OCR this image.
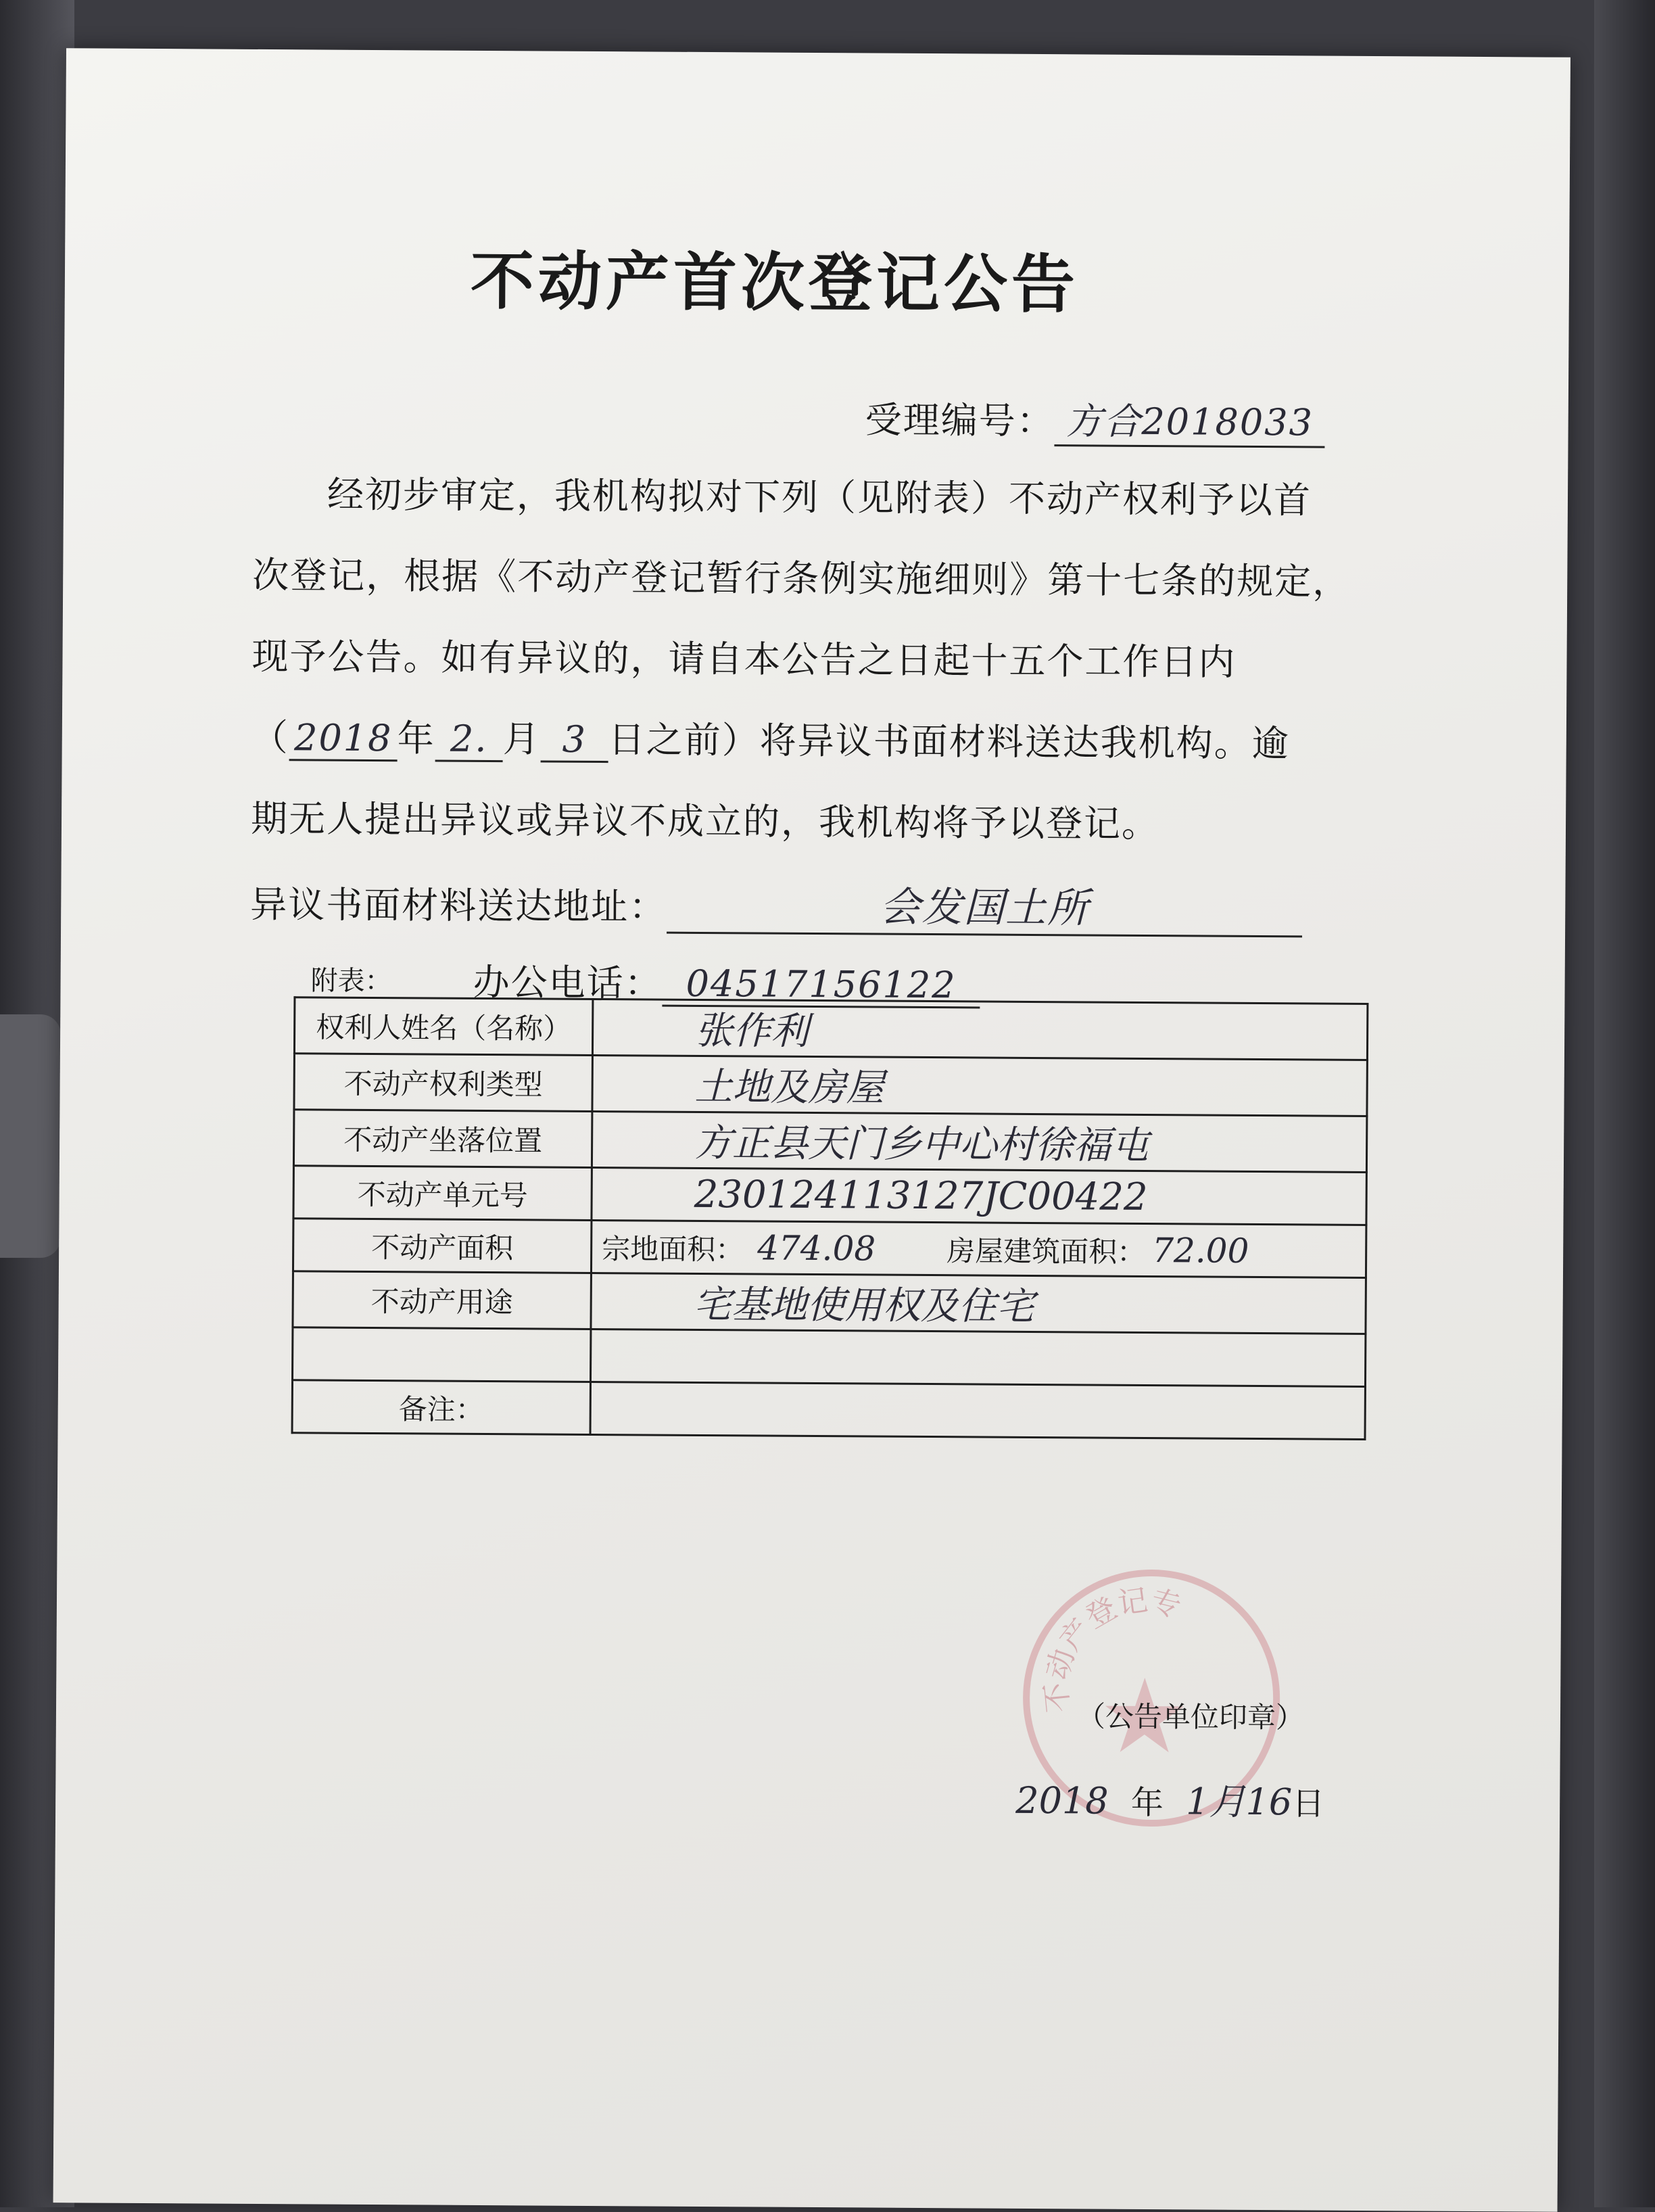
不动产首次登记公告
受理编号： 方合2018033
经初步审定，我机构拟对下列（见附表）不动产权利予以首
次登记，根据《不动产登记暂行条例实施细则》第十七条的规定，
现予公告。如有异议的，请自本公告之日起十五个工作日内
（ 2018 年 2. 月 3 日之前）将异议书面材料送达我机构。逾
期无人提出异议或异议不成立的，我机构将予以登记。
异议书面材料送达地址：	会发国土所
办公电话： 04517156122
附表：
权利人姓名（名称）	张作利
不动产权利类型	土地及房屋
不动产坐落位置	方正县天门乡中心村徐福屯
不动产单元号	230124113127JC00422
不动产面积	宗地面积： 474.08 房屋建筑面积： 72.00
不动产用途	宅基地使用权及住宅

备注：	
不动产登记专
（公告单位印章）
2018 年 1月16日
